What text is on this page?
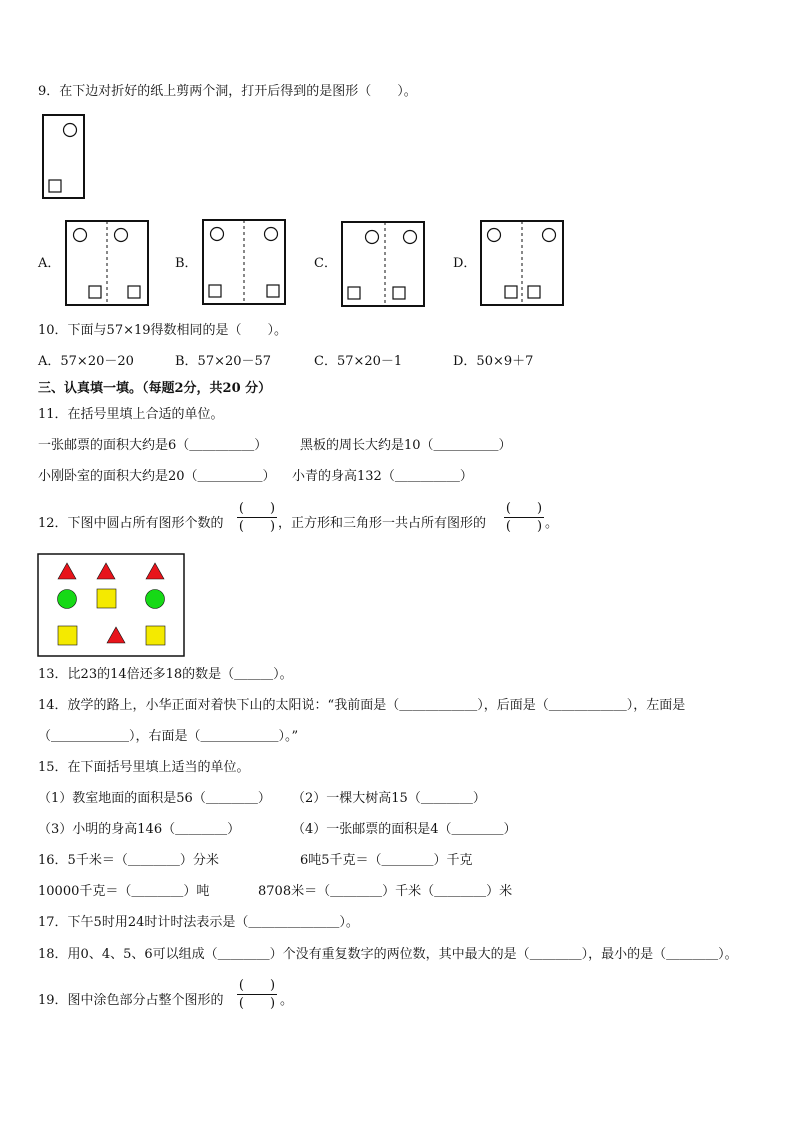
9．在下边对折好的纸上剪两个洞，打开后得到的是图形（　　）。
A．	B．	C．	D．
10．下面与57×19得数相同的是（　　）。
A．57×20－20	B．57×20－57	C．57×20－1	D．50×9＋7
三、认真填一填。（每题2分，共20 分）
11．在括号里填上合适的单位。
一张邮票的面积大约是6（＿＿＿＿＿）	黑板的周长大约是10（＿＿＿＿＿）
小刚卧室的面积大约是20（＿＿＿＿＿） 小青的身高132（＿＿＿＿＿）
12．下图中圆占所有图形个数的
(　　)
(　　) ，正方形和三角形一共占所有图形的
(　　)
(　　) 。
13．比23的14倍还多18的数是（＿＿＿）。
14．放学的路上，小华正面对着快下山的太阳说：“我前面是（＿＿＿＿＿＿），后面是（＿＿＿＿＿＿），左面是
（＿＿＿＿＿＿），右面是（＿＿＿＿＿＿）。”
15．在下面括号里填上适当的单位。
（1）教室地面的面积是56（＿＿＿＿） （2）一棵大树高15（＿＿＿＿）
（3）小明的身高146（＿＿＿＿）	（4）一张邮票的面积是4（＿＿＿＿）
16．5千米＝（＿＿＿＿）分米	6吨5千克＝（＿＿＿＿）千克
10000千克＝（＿＿＿＿）吨	8708米＝（＿＿＿＿）千米（＿＿＿＿）米
17．下午5时用24时计时法表示是（＿＿＿＿＿＿＿）。
18．用0、4、5、6可以组成（＿＿＿＿）个没有重复数字的两位数，其中最大的是（＿＿＿＿），最小的是（＿＿＿＿）。
19．图中涂色部分占整个图形的
(　　)
(　　) 。
